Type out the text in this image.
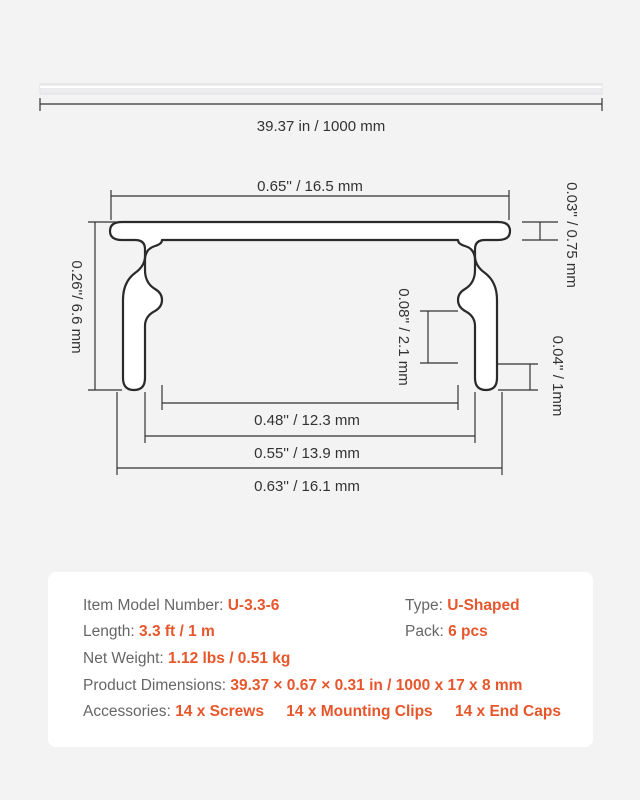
39.37 in / 1000 mm
0.65'' / 16.5 mm
0.26''/ 6.6 mm
0.03'' / 0.75 mm
0.08'' / 2.1 mm	0.04'' / 1mm
0.48'' / 12.3 mm
0.55'' / 13.9 mm
0.63'' / 16.1 mm
Item Model Number: U-3.3-6	Type: U-Shaped
Length: 3.3 ft / 1 m	Pack: 6 pcs
Net Weight: 1.12 lbs / 0.51 kg
Product Dimensions: 39.37 × 0.67 × 0.31 in / 1000 x 17 x 8 mm
Accessories: 14 x Screws 14 x Mounting Clips 14 x End Caps
